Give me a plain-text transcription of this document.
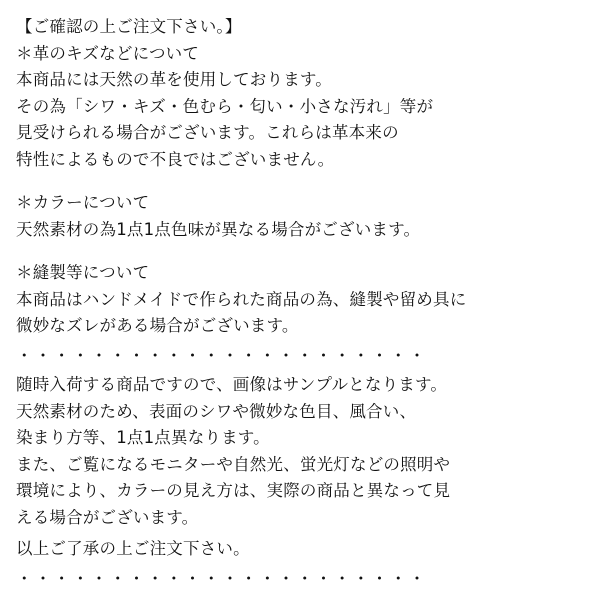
【ご確認の上ご注文下さい。】
＊革のキズなどについて
本商品には天然の革を使用しております。
その為「シワ・キズ・色むら・匂い・小さな汚れ」等が
見受けられる場合がございます。これらは革本来の
特性によるもので不良ではございません。
＊カラーについて
天然素材の為1点1点色味が異なる場合がございます。
＊縫製等について
本商品はハンドメイドで作られた商品の為、縫製や留め具に
微妙なズレがある場合がございます。
・・・・・・・・・・・・・・・・・・・・・・
随時入荷する商品ですので、画像はサンプルとなります。
天然素材のため、表面のシワや微妙な色目、風合い、
染まり方等、1点1点異なります。
また、ご覧になるモニターや自然光、蛍光灯などの照明や
環境により、カラーの見え方は、実際の商品と異なって見
える場合がございます。
以上ご了承の上ご注文下さい。
・・・・・・・・・・・・・・・・・・・・・・
